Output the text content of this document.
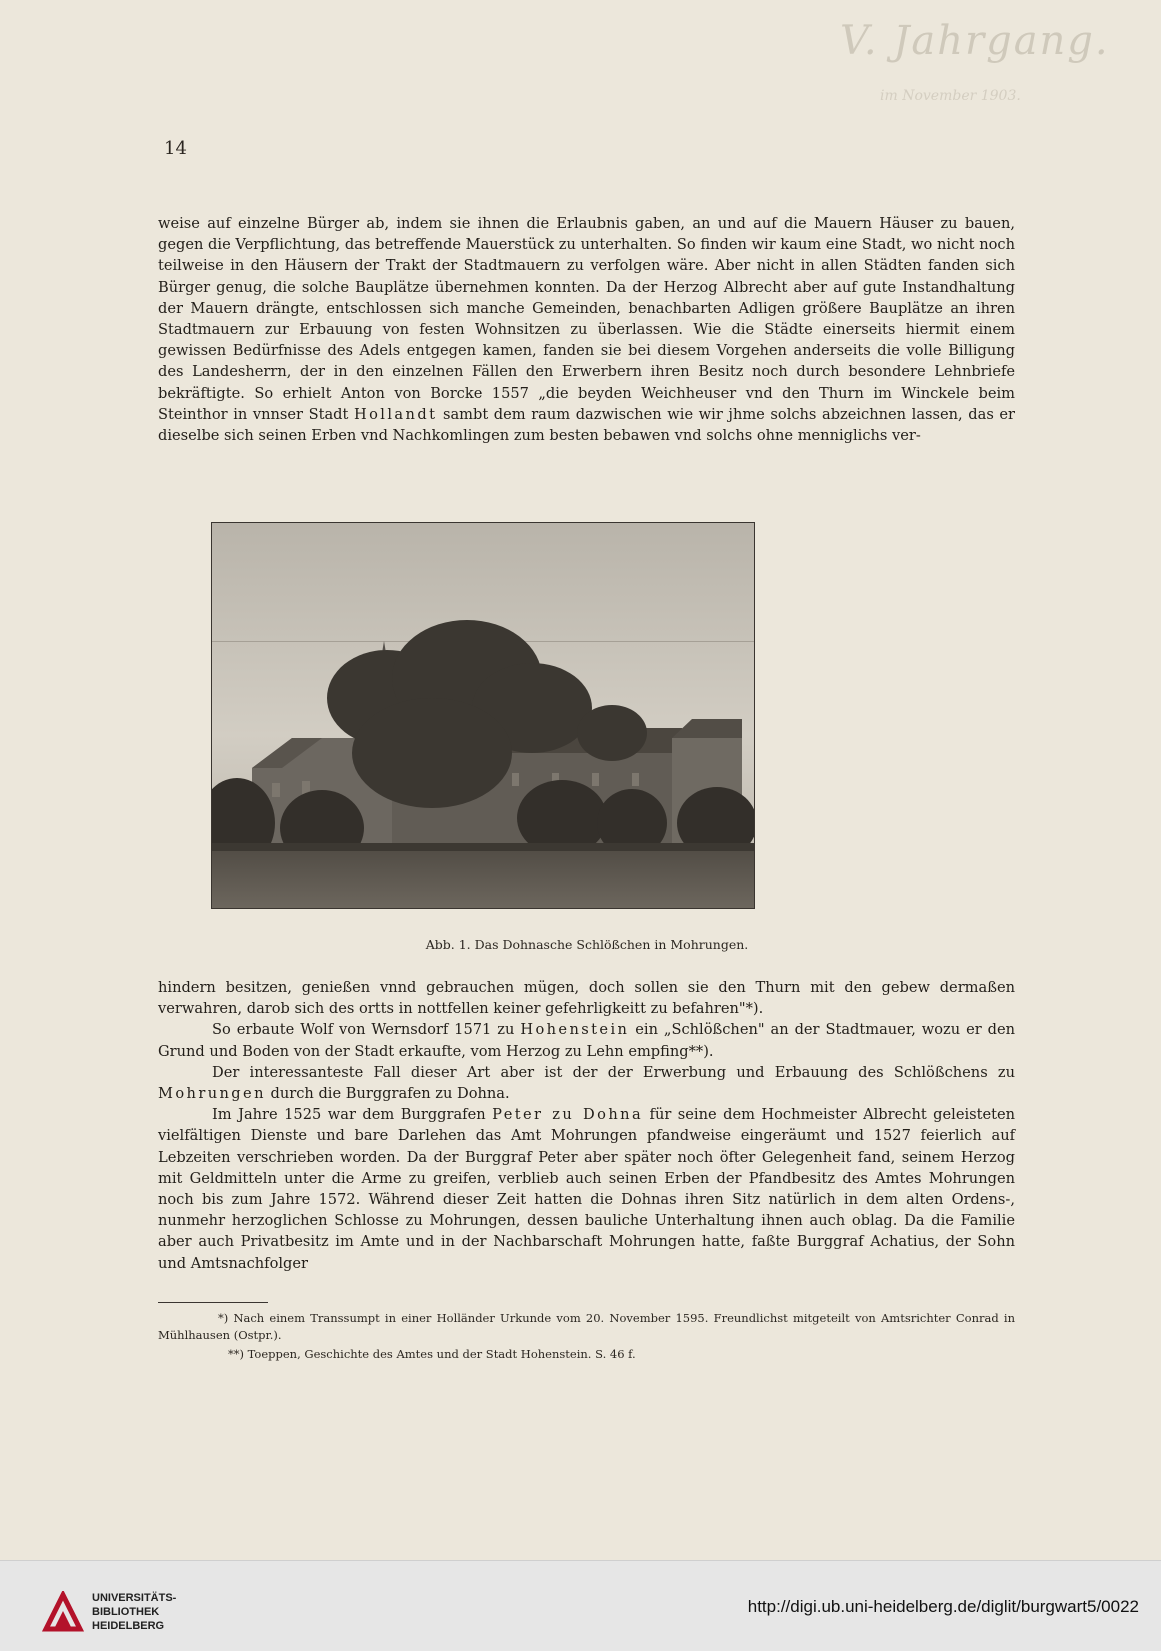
V. Jahrgang.
im November 1903.
14

weise auf einzelne Bürger ab, indem sie ihnen die Erlaubnis gaben, an und auf die Mauern Häuser zu bauen, gegen die Verpflichtung, das betreffende Mauerstück zu unterhalten. So finden wir kaum eine Stadt, wo nicht noch teilweise in den Häusern der Trakt der Stadtmauern zu verfolgen wäre. Aber nicht in allen Städten fanden sich Bürger genug, die solche Bauplätze übernehmen konnten. Da der Herzog Albrecht aber auf gute Instandhaltung der Mauern drängte, entschlossen sich manche Gemeinden, benachbarten Adligen größere Bauplätze an ihren Stadtmauern zur Erbauung von festen Wohnsitzen zu überlassen. Wie die Städte einerseits hiermit einem gewissen Bedürfnisse des Adels entgegen kamen, fanden sie bei diesem Vorgehen anderseits die volle Billigung des Landesherrn, der in den einzelnen Fällen den Erwerbern ihren Besitz noch durch besondere Lehnbriefe bekräftigte. So erhielt Anton von Borcke 1557 „die beyden Weichheuser vnd den Thurn im Winckele beim Steinthor in vnnser Stadt Hollandt sambt dem raum dazwischen wie wir jhme solchs abzeichnen lassen, das er dieselbe sich seinen Erben vnd Nachkomlingen zum besten bebawen vnd solchs ohne menniglichs ver-

Abb. 1. Das Dohnasche Schlößchen in Mohrungen.

hindern besitzen, genießen vnnd gebrauchen mügen, doch sollen sie den Thurn mit den gebew dermaßen verwahren, darob sich des ortts in nottfellen keiner gefehrligkeitt zu befahren"*).

So erbaute Wolf von Wernsdorf 1571 zu Hohenstein ein „Schlößchen" an der Stadtmauer, wozu er den Grund und Boden von der Stadt erkaufte, vom Herzog zu Lehn empfing**).

Der interessanteste Fall dieser Art aber ist der der Erwerbung und Erbauung des Schlößchens zu Mohrungen durch die Burggrafen zu Dohna.

Im Jahre 1525 war dem Burggrafen Peter zu Dohna für seine dem Hochmeister Albrecht geleisteten vielfältigen Dienste und bare Darlehen das Amt Mohrungen pfandweise eingeräumt und 1527 feierlich auf Lebzeiten verschrieben worden. Da der Burggraf Peter aber später noch öfter Gelegenheit fand, seinem Herzog mit Geldmitteln unter die Arme zu greifen, verblieb auch seinen Erben der Pfandbesitz des Amtes Mohrungen noch bis zum Jahre 1572. Während dieser Zeit hatten die Dohnas ihren Sitz natürlich in dem alten Ordens-, nunmehr herzoglichen Schlosse zu Mohrungen, dessen bauliche Unterhaltung ihnen auch oblag. Da die Familie aber auch Privatbesitz im Amte und in der Nachbarschaft Mohrungen hatte, faßte Burggraf Achatius, der Sohn und Amtsnachfolger

*) Nach einem Transsumpt in einer Holländer Urkunde vom 20. November 1595. Freundlichst mitgeteilt von Amtsrichter Conrad in Mühlhausen (Ostpr.).

**) Toeppen, Geschichte des Amtes und der Stadt Hohenstein. S. 46 f.

UNIVERSITÄTS-
BIBLIOTHEK
HEIDELBERG
http://digi.ub.uni-heidelberg.de/diglit/burgwart5/0022
